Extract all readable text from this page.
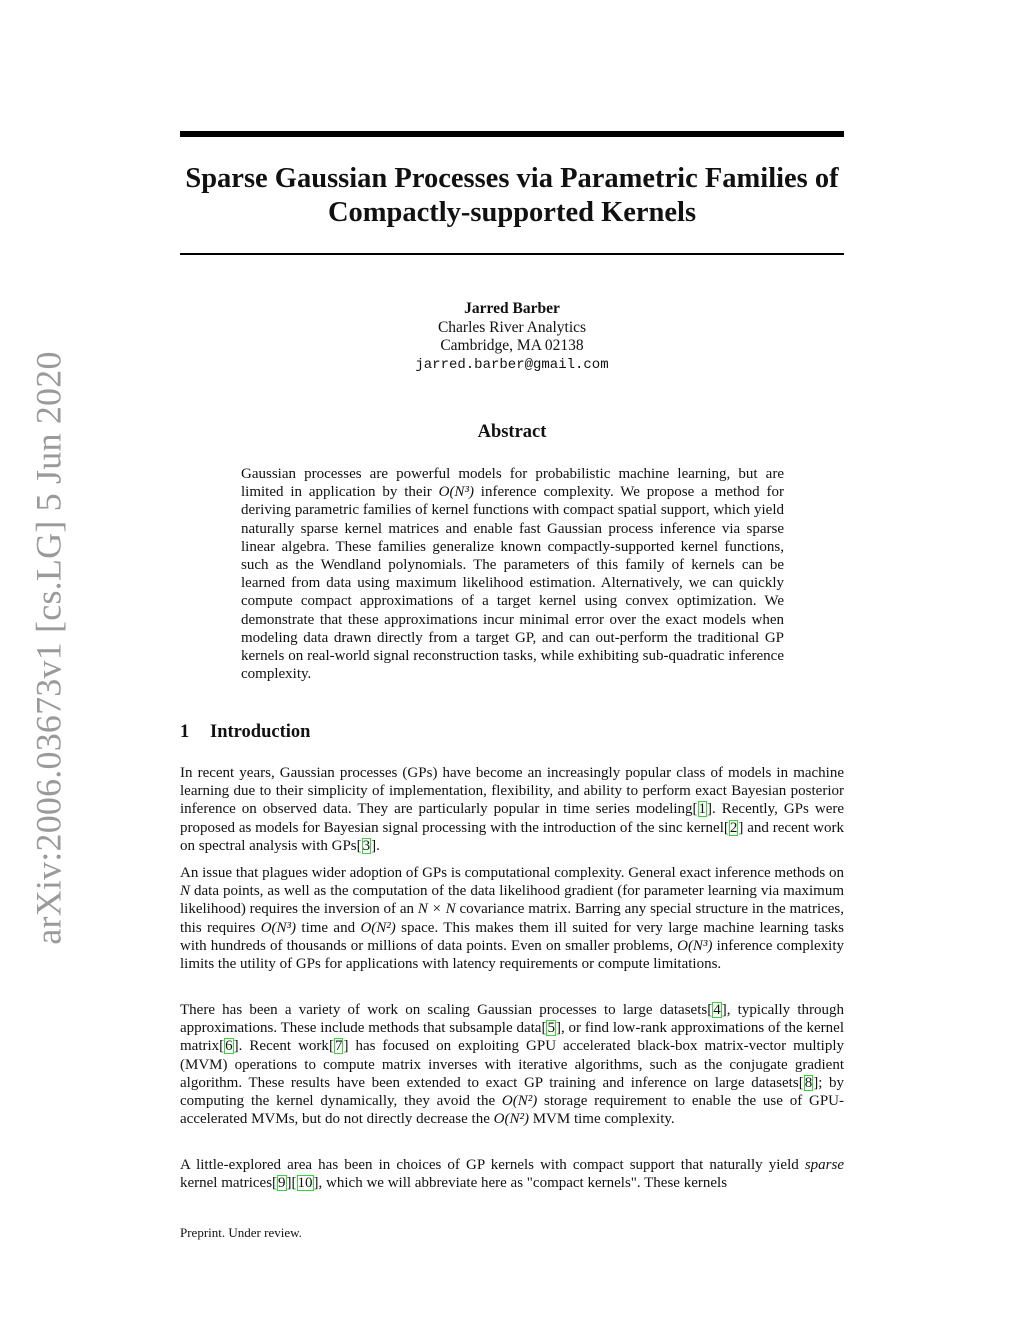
arXiv:2006.03673v1 [cs.LG] 5 Jun 2020
Sparse Gaussian Processes via Parametric Families of
Compactly-supported Kernels
Jarred Barber
Charles River Analytics
Cambridge, MA 02138
jarred.barber@gmail.com
Abstract

Gaussian processes are powerful models for probabilistic machine learning, but are limited in application by their O(N³) inference complexity. We propose a method for deriving parametric families of kernel functions with compact spatial support, which yield naturally sparse kernel matrices and enable fast Gaussian process inference via sparse linear algebra. These families generalize known compactly-supported kernel functions, such as the Wendland polynomials. The parameters of this family of kernels can be learned from data using maximum likelihood estimation. Alternatively, we can quickly compute compact approximations of a target kernel using convex optimization. We demonstrate that these approximations incur minimal error over the exact models when modeling data drawn directly from a target GP, and can out-perform the traditional GP kernels on real-world signal reconstruction tasks, while exhibiting sub-quadratic inference complexity.

1 Introduction

In recent years, Gaussian processes (GPs) have become an increasingly popular class of models in machine learning due to their simplicity of implementation, flexibility, and ability to perform exact Bayesian posterior inference on observed data. They are particularly popular in time series modeling[1]. Recently, GPs were proposed as models for Bayesian signal processing with the introduction of the sinc kernel[2] and recent work on spectral analysis with GPs[3].

An issue that plagues wider adoption of GPs is computational complexity. General exact inference methods on N data points, as well as the computation of the data likelihood gradient (for parameter learning via maximum likelihood) requires the inversion of an N × N covariance matrix. Barring any special structure in the matrices, this requires O(N³) time and O(N²) space. This makes them ill suited for very large machine learning tasks with hundreds of thousands or millions of data points. Even on smaller problems, O(N³) inference complexity limits the utility of GPs for applications with latency requirements or compute limitations.

There has been a variety of work on scaling Gaussian processes to large datasets[4], typically through approximations. These include methods that subsample data[5], or find low-rank approximations of the kernel matrix[6]. Recent work[7] has focused on exploiting GPU accelerated black-box matrix-vector multiply (MVM) operations to compute matrix inverses with iterative algorithms, such as the conjugate gradient algorithm. These results have been extended to exact GP training and inference on large datasets[8]; by computing the kernel dynamically, they avoid the O(N²) storage requirement to enable the use of GPU-accelerated MVMs, but do not directly decrease the O(N²) MVM time complexity.

A little-explored area has been in choices of GP kernels with compact support that naturally yield sparse kernel matrices[9][10], which we will abbreviate here as "compact kernels". These kernels

Preprint. Under review.
